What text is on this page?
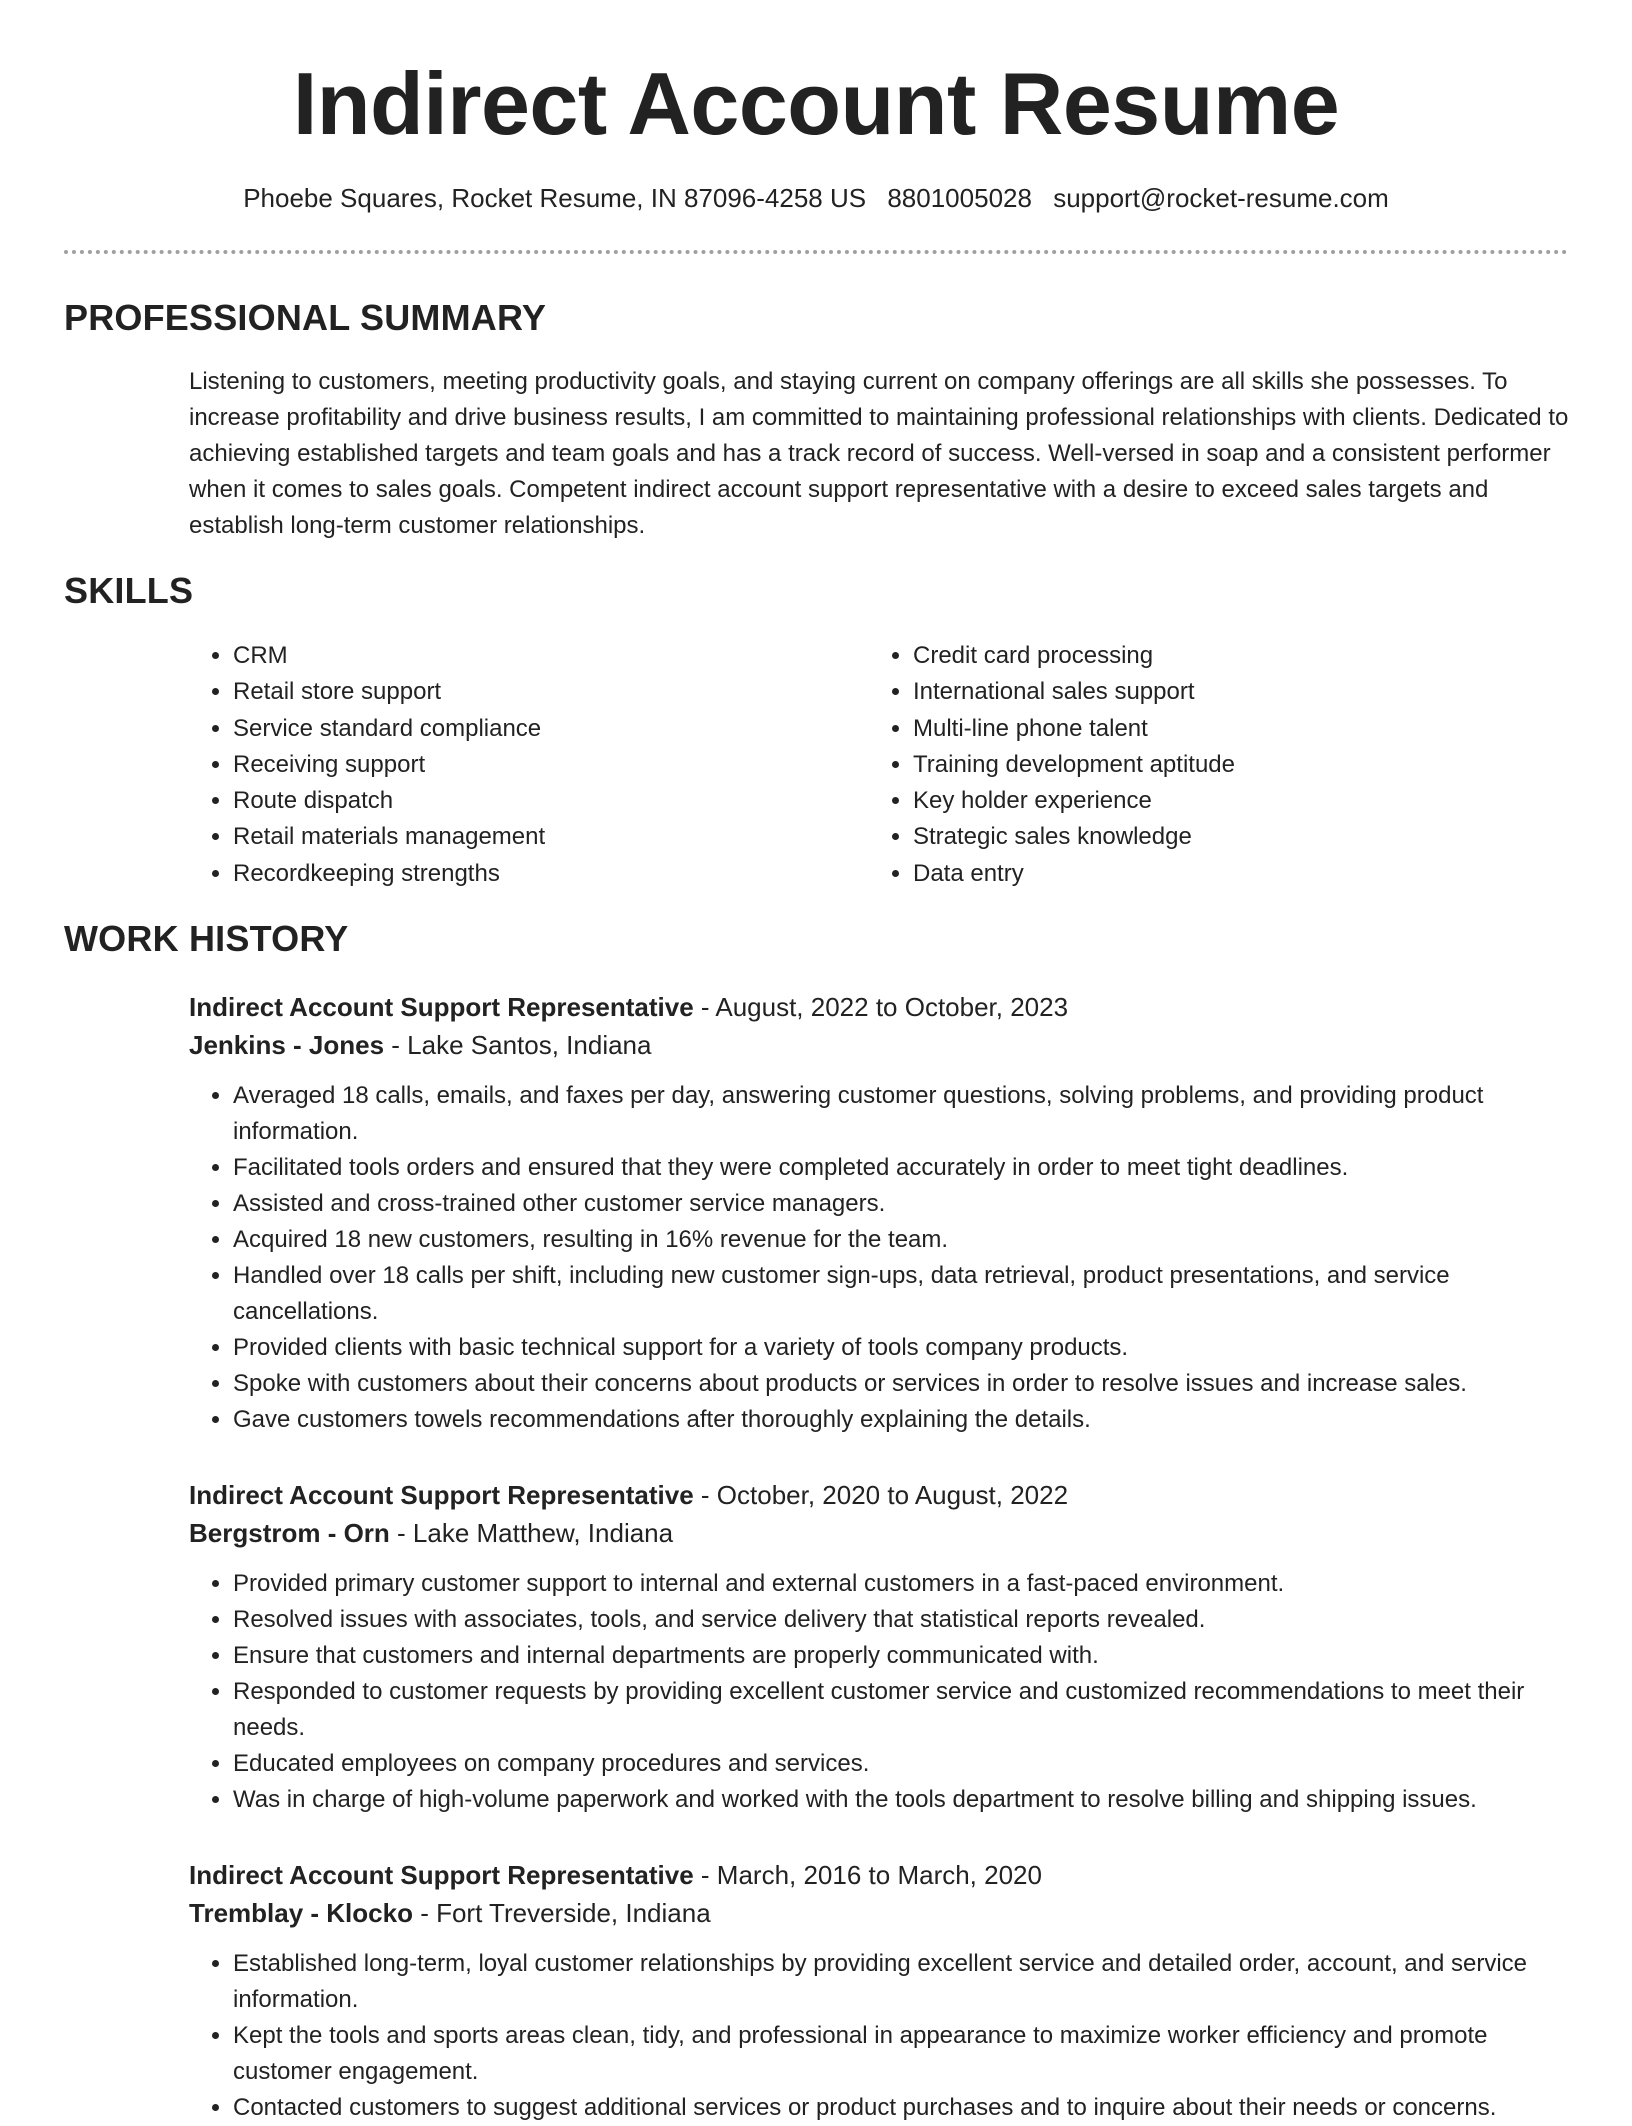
Indirect Account Resume
Phoebe Squares, Rocket Resume, IN 87096-4258 US 8801005028 support@rocket-resume.com
PROFESSIONAL SUMMARY

Listening to customers, meeting productivity goals, and staying current on company offerings are all skills she possesses. To increase profitability and drive business results, I am committed to maintaining professional relationships with clients. Dedicated to achieving established targets and team goals and has a track record of success. Well-versed in soap and a consistent performer when it comes to sales goals. Competent indirect account support representative with a desire to exceed sales targets and establish long-term customer relationships.

SKILLS
• CRM
• Retail store support
• Service standard compliance
• Receiving support
• Route dispatch
• Retail materials management
• Recordkeeping strengths
• Credit card processing
• International sales support
• Multi-line phone talent
• Training development aptitude
• Key holder experience
• Strategic sales knowledge
• Data entry
WORK HISTORY
Indirect Account Support Representative - August, 2022 to October, 2023
Jenkins - Jones - Lake Santos, Indiana
• Averaged 18 calls, emails, and faxes per day, answering customer questions, solving problems, and providing product information.
• Facilitated tools orders and ensured that they were completed accurately in order to meet tight deadlines.
• Assisted and cross-trained other customer service managers.
• Acquired 18 new customers, resulting in 16% revenue for the team.
• Handled over 18 calls per shift, including new customer sign-ups, data retrieval, product presentations, and service cancellations.
• Provided clients with basic technical support for a variety of tools company products.
• Spoke with customers about their concerns about products or services in order to resolve issues and increase sales.
• Gave customers towels recommendations after thoroughly explaining the details.
Indirect Account Support Representative - October, 2020 to August, 2022
Bergstrom - Orn - Lake Matthew, Indiana
• Provided primary customer support to internal and external customers in a fast-paced environment.
• Resolved issues with associates, tools, and service delivery that statistical reports revealed.
• Ensure that customers and internal departments are properly communicated with.
• Responded to customer requests by providing excellent customer service and customized recommendations to meet their needs.
• Educated employees on company procedures and services.
• Was in charge of high-volume paperwork and worked with the tools department to resolve billing and shipping issues.
Indirect Account Support Representative - March, 2016 to March, 2020
Tremblay - Klocko - Fort Treverside, Indiana
• Established long-term, loyal customer relationships by providing excellent service and detailed order, account, and service information.
• Kept the tools and sports areas clean, tidy, and professional in appearance to maximize worker efficiency and promote customer engagement.
• Contacted customers to suggest additional services or product purchases and to inquire about their needs or concerns.
